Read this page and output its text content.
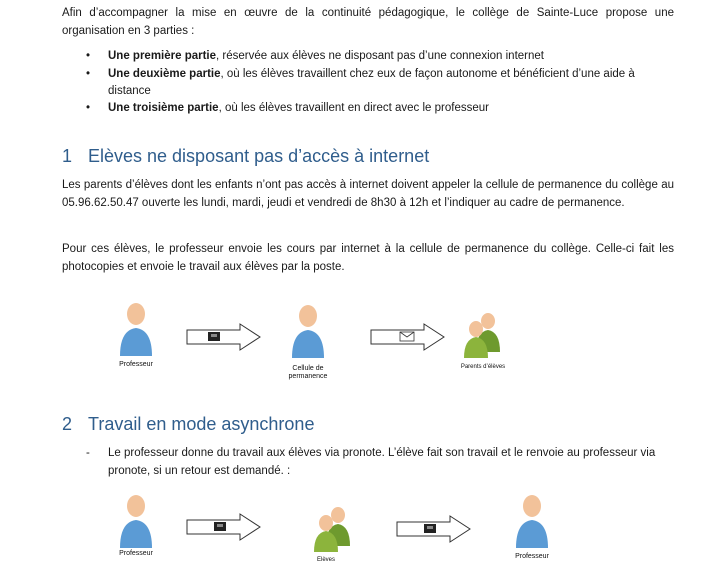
Afin d’accompagner la mise en œuvre de la continuité pédagogique, le collège de Sainte-Luce propose une organisation en 3 parties :

•	Une première partie, réservée aux élèves ne disposant pas d’une connexion internet
•	Une deuxième partie, où les élèves travaillent chez eux de façon autonome et bénéficient d’une aide à distance
•	Une troisième partie, où les élèves travaillent en direct avec le professeur
1 Elèves ne disposant pas d’accès à internet

Les parents d’élèves dont les enfants n’ont pas accès à internet doivent appeler la cellule de permanence du collège au 05.96.62.50.47 ouverte les lundi, mardi, jeudi et vendredi de 8h30 à 12h et l’indiquer au cadre de permanence.

Pour ces élèves, le professeur envoie les cours par internet à la cellule de permanence du collège. Celle-ci fait les photocopies et envoie le travail aux élèves par la poste.

Professeur
Cellule de permanence
Parents d’élèves
2 Travail en mode asynchrone
-	Le professeur donne du travail aux élèves via pronote. L’élève fait son travail et le renvoie au professeur via pronote, si un retour est demandé. :
Professeur
Elèves	Professeur
